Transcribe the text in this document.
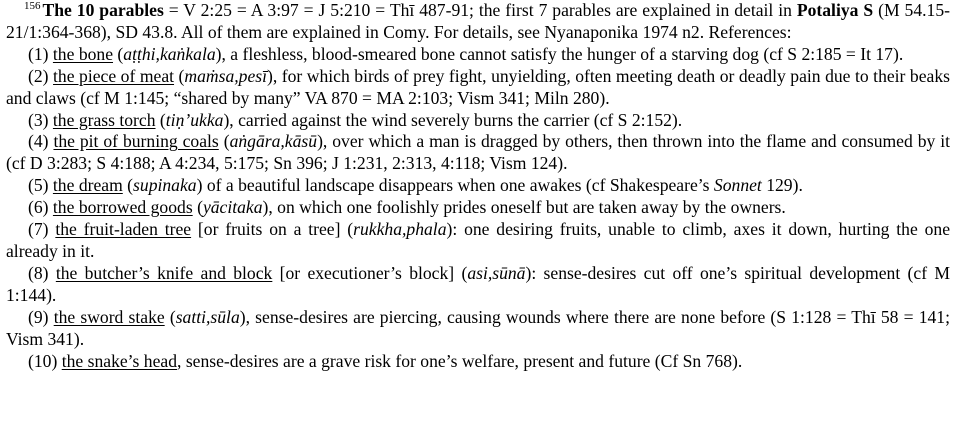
$^{156}$ The 10 parables = V 2:25 = A 3:97 = J 5:210 = Thī 487-91; the first 7 parables are explained in detail in Potaliya S (M 54.15-21/1:364-368), SD 43.8. All of them are explained in Comy. For details, see Nyanaponika 1974 n2. References:

(1) the bone (aṭṭhi,kaṅkala), a fleshless, blood-smeared bone cannot satisfy the hunger of a starving dog (cf S 2:185 = It 17).

(2) the piece of meat (maṁsa,pesī), for which birds of prey fight, unyielding, often meeting death or deadly pain due to their beaks and claws (cf M 1:145; “shared by many” VA 870 = MA 2:103; Vism 341; Miln 280).

(3) the grass torch (tiṇ’ukka), carried against the wind severely burns the carrier (cf S 2:152).

(4) the pit of burning coals (aṅgāra,kāsū), over which a man is dragged by others, then thrown into the flame and consumed by it (cf D 3:283; S 4:188; A 4:234, 5:175; Sn 396; J 1:231, 2:313, 4:118; Vism 124).

(5) the dream (supinaka) of a beautiful landscape disappears when one awakes (cf Shakespeare’s Sonnet 129).

(6) the borrowed goods (yācitaka), on which one foolishly prides oneself but are taken away by the owners.

(7) the fruit-laden tree [or fruits on a tree] (rukkha,phala): one desiring fruits, unable to climb, axes it down, hurting the one already in it.

(8) the butcher’s knife and block [or executioner’s block] (asi,sūnā): sense-desires cut off one’s spiritual development (cf M 1:144).

(9) the sword stake (satti,sūla), sense-desires are piercing, causing wounds where there are none before (S 1:128 = Thī 58 = 141; Vism 341).

(10) the snake’s head, sense-desires are a grave risk for one’s welfare, present and future (Cf Sn 768).
